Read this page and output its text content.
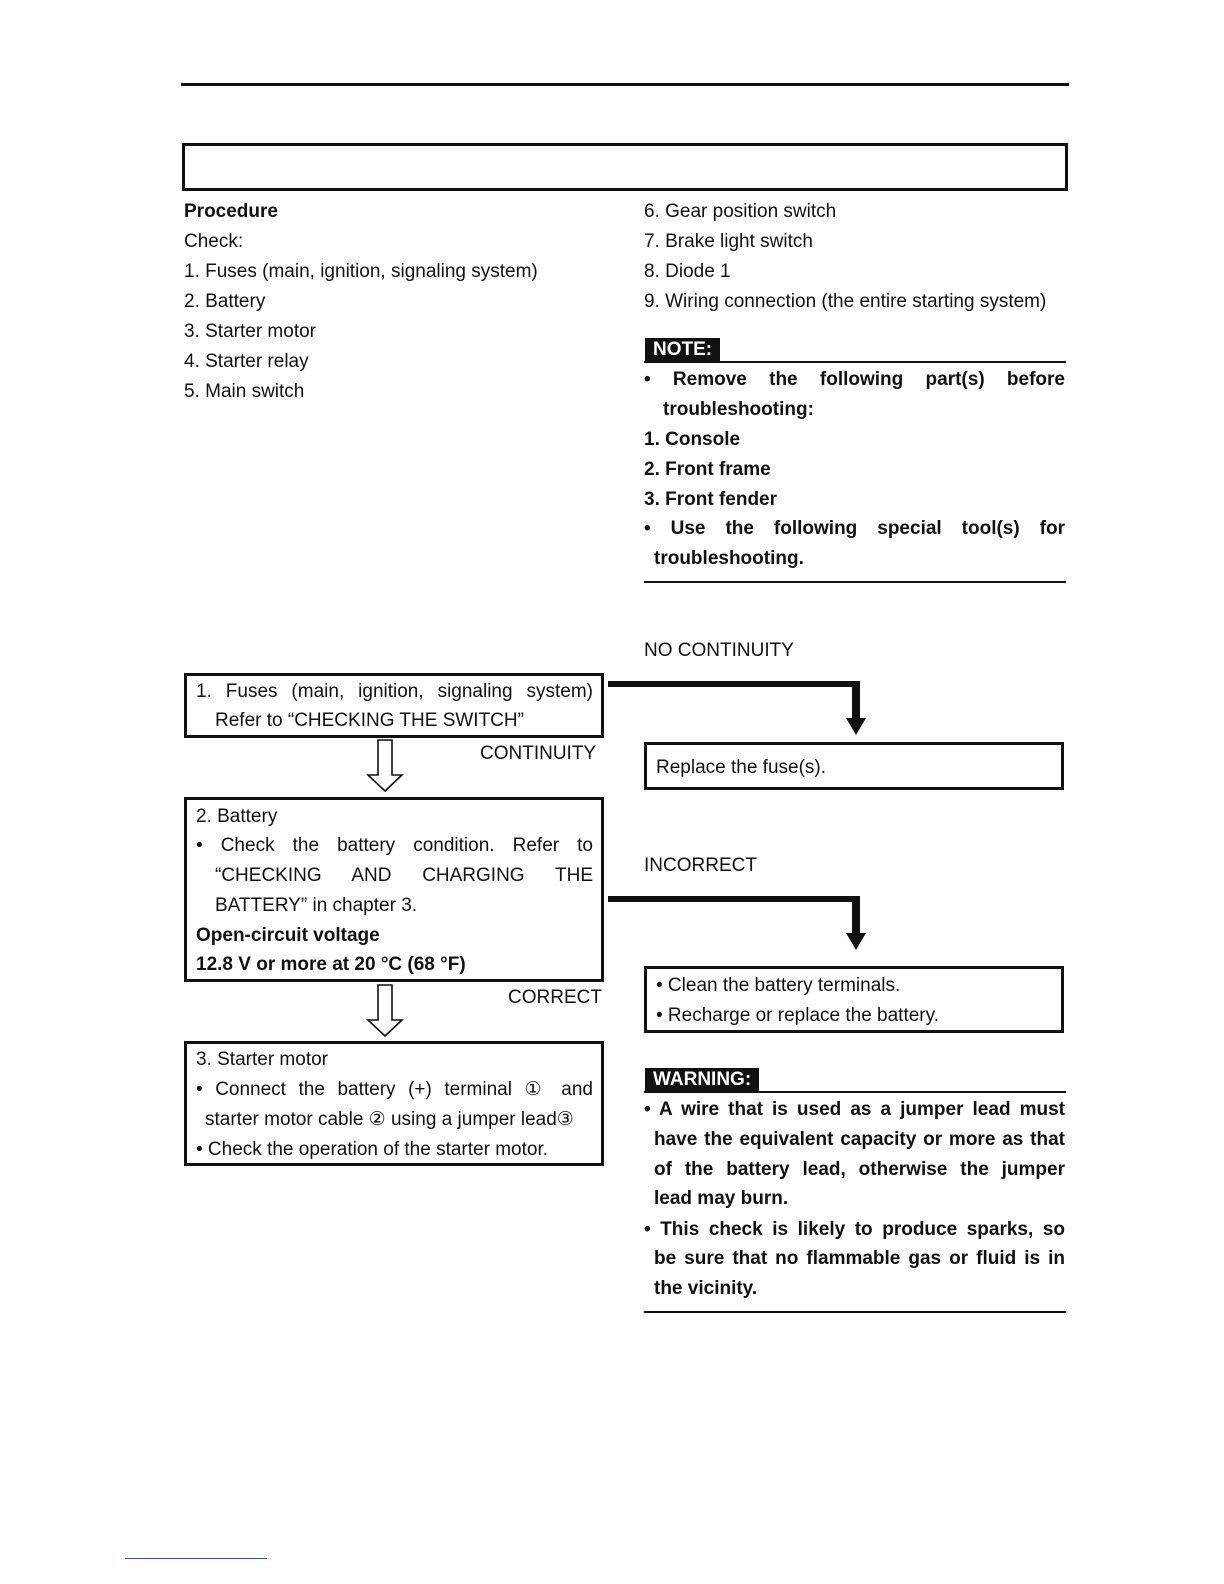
Procedure
Check:
1. Fuses (main, ignition, signaling system)
2. Battery
3. Starter motor
4. Starter relay
5. Main switch
6. Gear position switch
7. Brake light switch
8. Diode 1
9. Wiring connection (the entire starting system)
NOTE:
• Remove the following part(s) before
troubleshooting:
1. Console
2. Front frame
3. Front fender
• Use the following special tool(s) for
troubleshooting.
1. Fuses (main, ignition, signaling system)
Refer to “CHECKING THE SWITCH”
NO CONTINUITY
Replace the fuse(s).
CONTINUITY
2. Battery
• Check the battery condition. Refer to
“CHECKING AND CHARGING THE
BATTERY” in chapter 3.
Open-circuit voltage
12.8 V or more at 20 °C (68 °F)
INCORRECT
• Clean the battery terminals.
• Recharge or replace the battery.
CORRECT
3. Starter motor
• Connect the battery (+) terminal ① and
starter motor cable ② using a jumper lead③
• Check the operation of the starter motor.
WARNING:
• A wire that is used as a jumper lead must
have the equivalent capacity or more as that
of the battery lead, otherwise the jumper
lead may burn.
• This check is likely to produce sparks, so
be sure that no flammable gas or fluid is in
the vicinity.
